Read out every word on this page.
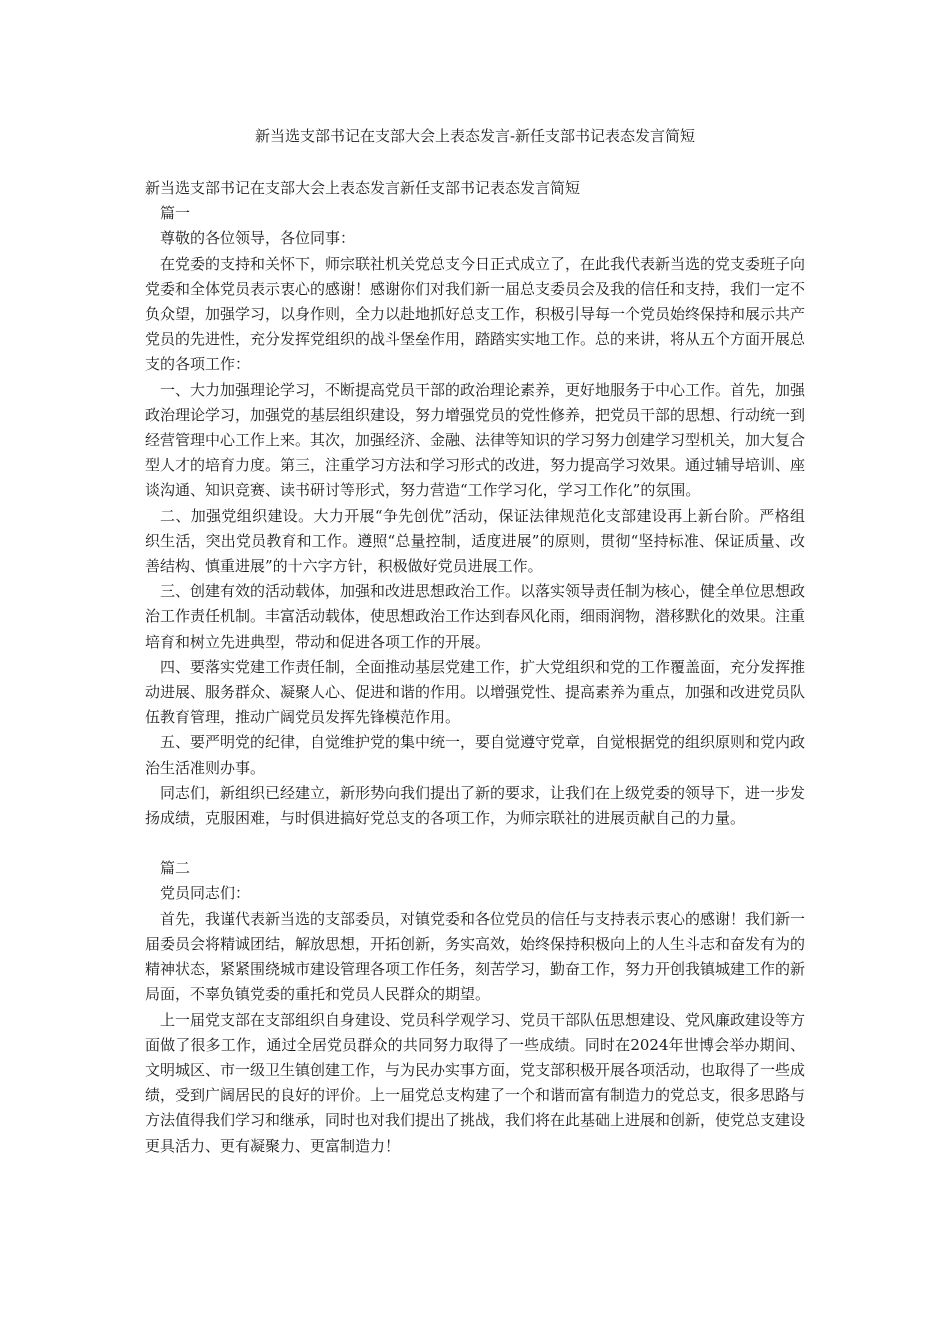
新当选支部书记在支部大会上表态发言-新任支部书记表态发言简短

新当选支部书记在支部大会上表态发言新任支部书记表态发言简短

篇一

尊敬的各位领导，各位同事：

在党委的支持和关怀下，师宗联社机关党总支今日正式成立了，在此我代表新当选的党支委班子向党委和全体党员表示衷心的感谢！感谢你们对我们新一届总支委员会及我的信任和支持，我们一定不负众望，加强学习，以身作则，全力以赴地抓好总支工作，积极引导每一个党员始终保持和展示共产党员的先进性，充分发挥党组织的战斗堡垒作用，踏踏实实地工作。总的来讲，将从五个方面开展总支的各项工作：

一、大力加强理论学习，不断提高党员干部的政治理论素养，更好地服务于中心工作。首先，加强政治理论学习，加强党的基层组织建设，努力增强党员的党性修养，把党员干部的思想、行动统一到经营管理中心工作上来。其次，加强经济、金融、法律等知识的学习努力创建学习型机关，加大复合型人才的培育力度。第三，注重学习方法和学习形式的改进，努力提高学习效果。通过辅导培训、座谈沟通、知识竞赛、读书研讨等形式，努力营造“工作学习化，学习工作化”的氛围。

二、加强党组织建设。大力开展“争先创优”活动，保证法律规范化支部建设再上新台阶。严格组织生活，突出党员教育和工作。遵照“总量控制，适度进展”的原则，贯彻“坚持标准、保证质量、改善结构、慎重进展”的十六字方针，积极做好党员进展工作。

三、创建有效的活动载体，加强和改进思想政治工作。以落实领导责任制为核心，健全单位思想政治工作责任机制。丰富活动载体，使思想政治工作达到春风化雨，细雨润物，潜移默化的效果。注重培育和树立先进典型，带动和促进各项工作的开展。

四、要落实党建工作责任制，全面推动基层党建工作，扩大党组织和党的工作覆盖面，充分发挥推动进展、服务群众、凝聚人心、促进和谐的作用。以增强党性、提高素养为重点，加强和改进党员队伍教育管理，推动广阔党员发挥先锋模范作用。

五、要严明党的纪律，自觉维护党的集中统一，要自觉遵守党章，自觉根据党的组织原则和党内政治生活准则办事。

同志们，新组织已经建立，新形势向我们提出了新的要求，让我们在上级党委的领导下，进一步发扬成绩，克服困难，与时俱进搞好党总支的各项工作，为师宗联社的进展贡献自己的力量。

篇二

党员同志们：

首先，我谨代表新当选的支部委员，对镇党委和各位党员的信任与支持表示衷心的感谢！我们新一届委员会将精诚团结，解放思想，开拓创新，务实高效，始终保持积极向上的人生斗志和奋发有为的精神状态，紧紧围绕城市建设管理各项工作任务，刻苦学习，勤奋工作，努力开创我镇城建工作的新局面，不辜负镇党委的重托和党员人民群众的期望。

上一届党支部在支部组织自身建设、党员科学观学习、党员干部队伍思想建设、党风廉政建设等方面做了很多工作，通过全居党员群众的共同努力取得了一些成绩。同时在2024年世博会举办期间、文明城区、市一级卫生镇创建工作，与为民办实事方面，党支部积极开展各项活动，也取得了一些成绩，受到广阔居民的良好的评价。上一届党总支构建了一个和谐而富有制造力的党总支，很多思路与方法值得我们学习和继承，同时也对我们提出了挑战，我们将在此基础上进展和创新，使党总支建设更具活力、更有凝聚力、更富制造力！
